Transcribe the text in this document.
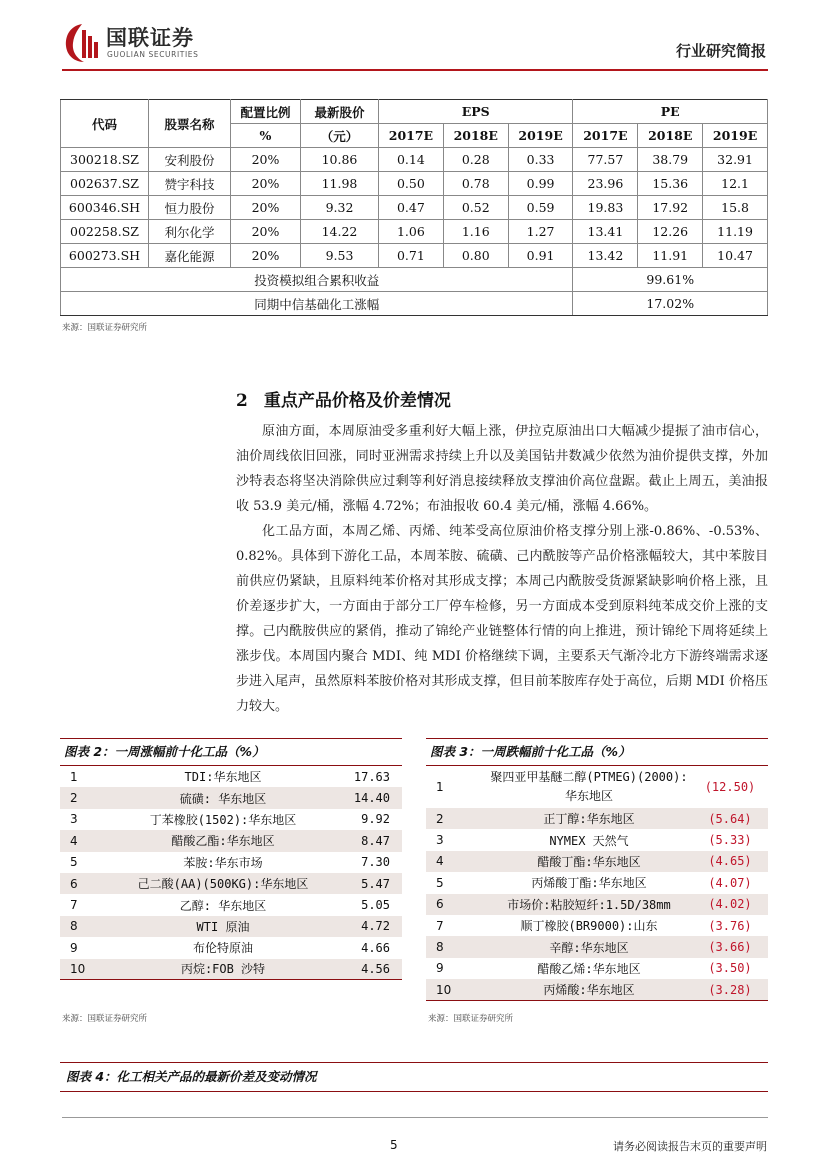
国联证券
GUOLIAN SECURITIES	行业研究简报
代码	股票名称	配置比例	最新股价	EPS			PE		
		%	（元）	2017E	2018E	2019E	2017E	2018E	2019E
300218.SZ	安利股份	20%	10.86	0.14	0.28	0.33	77.57	38.79	32.91
002637.SZ	赞宇科技	20%	11.98	0.50	0.78	0.99	23.96	15.36	12.1
600346.SH	恒力股份	20%	9.32	0.47	0.52	0.59	19.83	17.92	15.8
002258.SZ	利尔化学	20%	14.22	1.06	1.16	1.27	13.41	12.26	11.19
600273.SH	嘉化能源	20%	9.53	0.71	0.80	0.91	13.42	11.91	10.47
投资模拟组合累积收益							99.61%		
同期中信基础化工涨幅							17.02%		
来源：国联证券研究所
2 重点产品价格及价差情况

原油方面，本周原油受多重利好大幅上涨，伊拉克原油出口大幅减少提振了油市信心，油价周线依旧回涨，同时亚洲需求持续上升以及美国钻井数减少依然为油价提供支撑，外加沙特表态将坚决消除供应过剩等利好消息接续释放支撑油价高位盘踞。截止上周五，美油报收 53.9 美元/桶，涨幅 4.72%；布油报收 60.4 美元/桶，涨幅 4.66%。

化工品方面，本周乙烯、丙烯、纯苯受高位原油价格支撑分别上涨-0.86%、-0.53%、0.82%。具体到下游化工品，本周苯胺、硫磺、己内酰胺等产品价格涨幅较大，其中苯胺目前供应仍紧缺，且原料纯苯价格对其形成支撑；本周己内酰胺受货源紧缺影响价格上涨，且价差逐步扩大，一方面由于部分工厂停车检修，另一方面成本受到原料纯苯成交价上涨的支撑。己内酰胺供应的紧俏，推动了锦纶产业链整体行情的向上推进，预计锦纶下周将延续上涨步伐。本周国内聚合 MDI、纯 MDI 价格继续下调，主要系天气渐冷北方下游终端需求逐步进入尾声，虽然原料苯胺价格对其形成支撑，但目前苯胺库存处于高位，后期 MDI 价格压力较大。

图表 2：一周涨幅前十化工品（%）
1	TDI:华东地区	17.63
2	硫磺: 华东地区	14.40
3	丁苯橡胶(1502):华东地区	9.92
4	醋酸乙酯:华东地区	8.47
5	苯胺:华东市场	7.30
6	己二酸(AA)(500KG):华东地区	5.47
7	乙醇: 华东地区	5.05
8	WTI 原油	4.72
9	布伦特原油	4.66
10	丙烷:FOB 沙特	4.56
来源：国联证券研究所
图表 3：一周跌幅前十化工品（%）
1	聚四亚甲基醚二醇(PTMEG)(2000):华东地区	(12.50)
2	正丁醇:华东地区	(5.64)
3	NYMEX 天然气	(5.33)
4	醋酸丁酯:华东地区	(4.65)
5	丙烯酸丁酯:华东地区	(4.07)
6	市场价:粘胶短纤:1.5D/38mm	(4.02)
7	顺丁橡胶(BR9000):山东	(3.76)
8	辛醇:华东地区	(3.66)
9	醋酸乙烯:华东地区	(3.50)
10	丙烯酸:华东地区	(3.28)
来源：国联证券研究所
图表 4：化工相关产品的最新价差及变动情况
5	请务必阅读报告末页的重要声明
